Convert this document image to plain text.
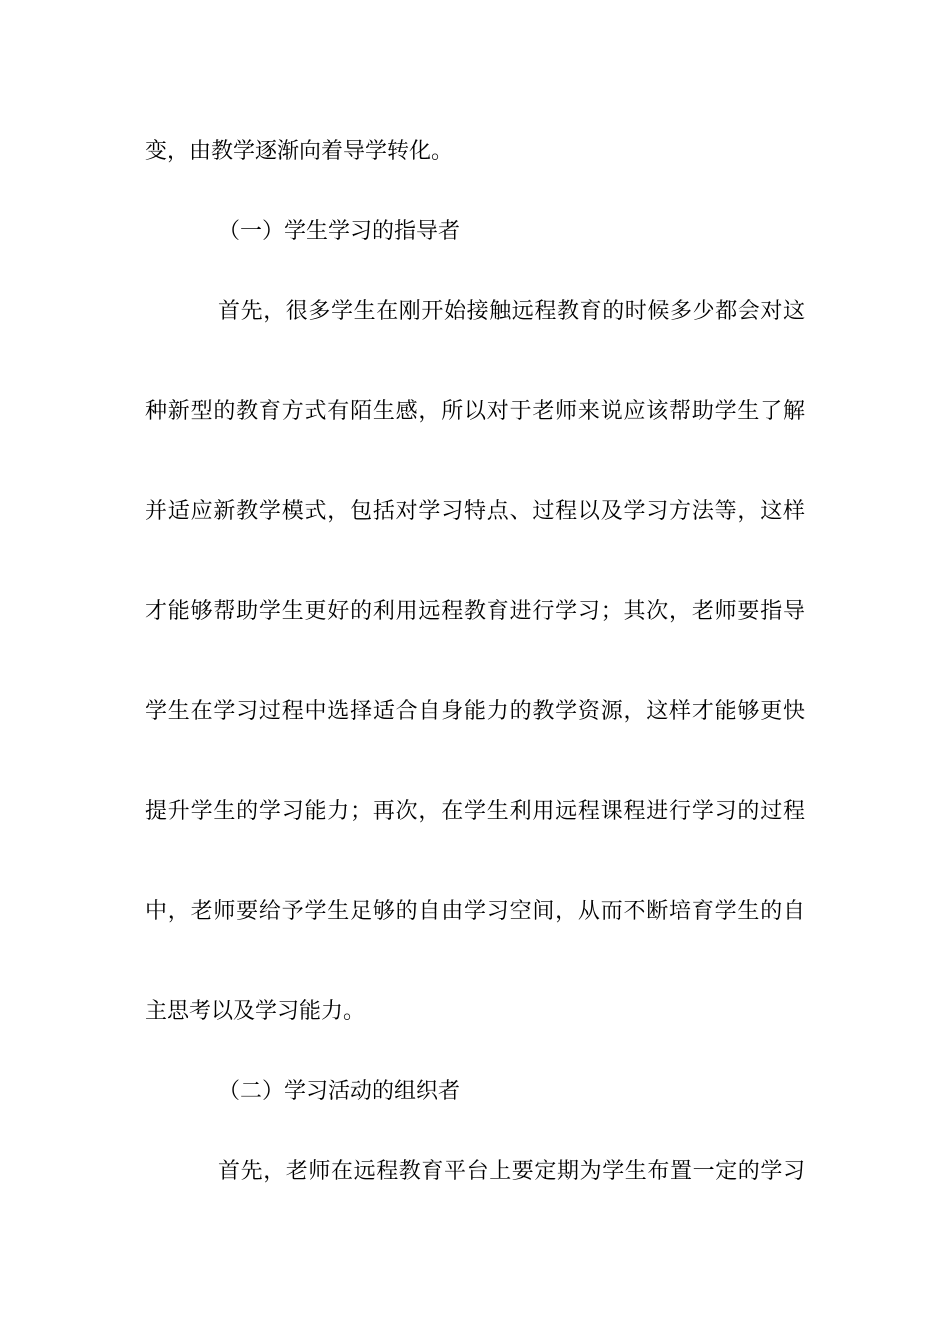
变，由教学逐渐向着导学转化。
（一）学生学习的指导者
首先，很多学生在刚开始接触远程教育的时候多少都会对这
种新型的教育方式有陌生感，所以对于老师来说应该帮助学生了解
并适应新教学模式，包括对学习特点、过程以及学习方法等，这样
才能够帮助学生更好的利用远程教育进行学习；其次，老师要指导
学生在学习过程中选择适合自身能力的教学资源，这样才能够更快
提升学生的学习能力；再次，在学生利用远程课程进行学习的过程
中，老师要给予学生足够的自由学习空间，从而不断培育学生的自
主思考以及学习能力。
（二）学习活动的组织者
首先，老师在远程教育平台上要定期为学生布置一定的学习
